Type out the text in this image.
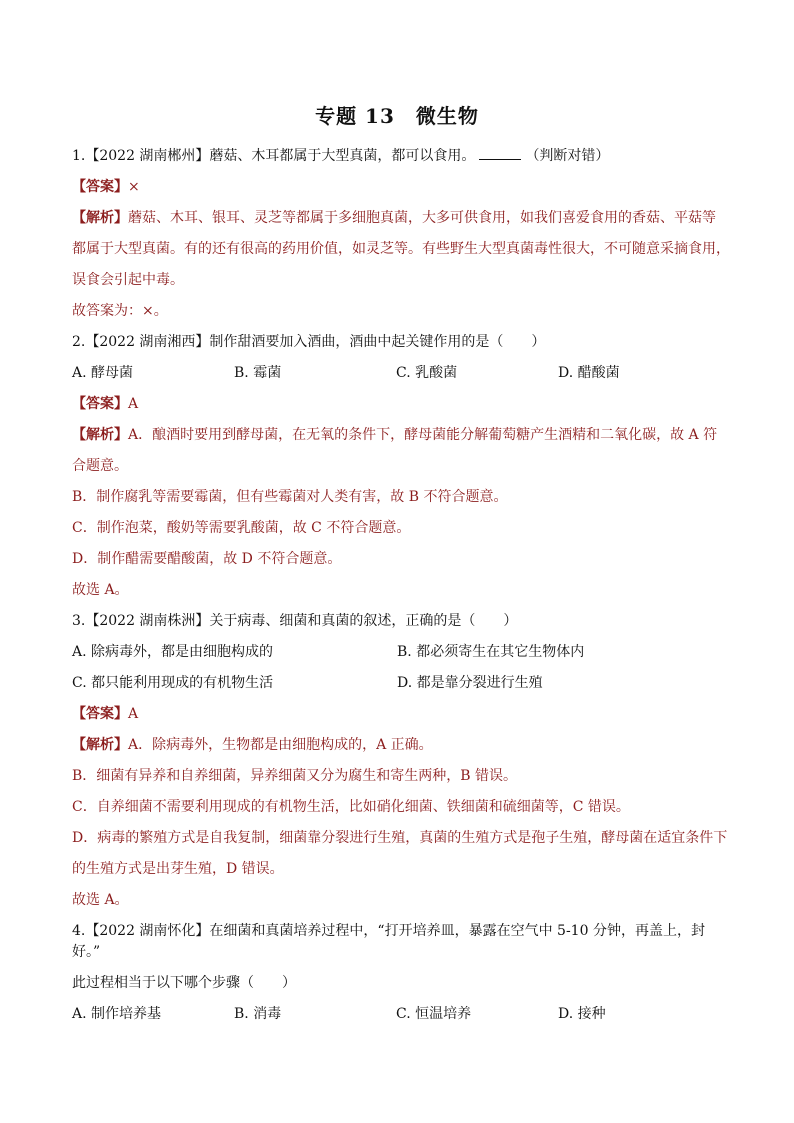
专题 13　微生物

1.【2022 湖南郴州】蘑菇、木耳都属于大型真菌，都可以食用。	（判断对错）

【答案】×

【解析】蘑菇、木耳、银耳、灵芝等都属于多细胞真菌，大多可供食用，如我们喜爱食用的香菇、平菇等

都属于大型真菌。有的还有很高的药用价值，如灵芝等。有些野生大型真菌毒性很大，不可随意采摘食用，

误食会引起中毒。

故答案为：×。

2.【2022 湖南湘西】制作甜酒要加入酒曲，酒曲中起关键作用的是（　　）

A. 酵母菌	B. 霉菌	C. 乳酸菌	D. 醋酸菌

【答案】A

【解析】A．酿酒时要用到酵母菌，在无氧的条件下，酵母菌能分解葡萄糖产生酒精和二氧化碳，故 A 符

合题意。

B．制作腐乳等需要霉菌，但有些霉菌对人类有害，故 B 不符合题意。

C．制作泡菜，酸奶等需要乳酸菌，故 C 不符合题意。

D．制作醋需要醋酸菌，故 D 不符合题意。

故选 A。

3.【2022 湖南株洲】关于病毒、细菌和真菌的叙述，正确的是（　　）

A. 除病毒外，都是由细胞构成的	B. 都必须寄生在其它生物体内
C. 都只能利用现成的有机物生活	D. 都是靠分裂进行生殖

【答案】A

【解析】A．除病毒外，生物都是由细胞构成的，A 正确。

B．细菌有异养和自养细菌，异养细菌又分为腐生和寄生两种，B 错误。

C．自养细菌不需要利用现成的有机物生活，比如硝化细菌、铁细菌和硫细菌等，C 错误。

D．病毒的繁殖方式是自我复制，细菌靠分裂进行生殖，真菌的生殖方式是孢子生殖，酵母菌在适宜条件下

的生殖方式是出芽生殖，D 错误。

故选 A。

4.【2022 湖南怀化】在细菌和真菌培养过程中，“打开培养皿，暴露在空气中 5-10 分钟，再盖上，封好。”

此过程相当于以下哪个步骤（　　）

A. 制作培养基	B. 消毒	C. 恒温培养	D. 接种
